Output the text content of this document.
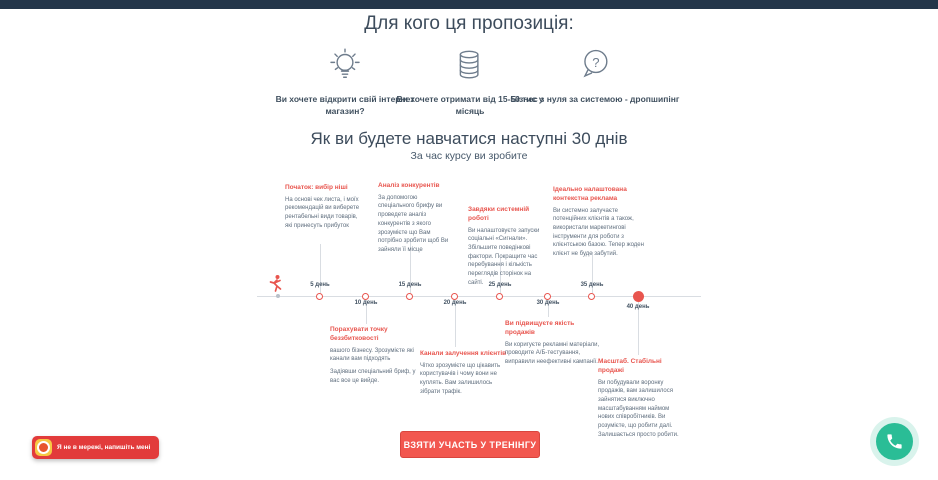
Для кого ця пропозиція:
Ви хочете відкрити свій інтернет магазин?
Ви хочете отримати від 15-50 тис у місяць
?
Бізнес з нуля за системою - дропшипінг
Як ви будете навчатися наступні 30 днів
За час курсу ви зробите
5 день
10 день
15 день
20 день
25 день
30 день
35 день
40 день
Початок: вибір ніші
На основі чек листа, і моїх рекомендацій ви виберете рентабельні види товарів, які принесуть прибуток
Аналіз конкурентів
За допомогою спеціального брифу ви проведете аналіз конкурентів з якого зрозумієте що Вам потрібно зробити щоб Ви зайняли її місце
Завдяки системній роботі
Ви налаштовуєте запуски соціальні «Сигнали». Збільшите поведінкові фактори. Покращите час перебування і кількість переглядів сторінок на сайті.
Ідеально налаштована контекстна реклама
Ви системно залучаєте потенційних клієнтів а також, використали маркетингові інструменти для роботи з клієнтською базою. Тепер жоден клієнт не буде забутий.
Порахувати точку беззбитковості
вашого бізнесу. Зрозумієте які канали вам підходять
Задіявши спеціальний бриф, у вас все це вийде.
Канали залучення клієнтів
Чітко зрозумієте що цікавить користувачів і чому вони не куплять. Вам залишилось зібрати трафік.
Ви підвищуєте якість продажів
Ви коригуєте рекламні матеріали, проводите А/Б-тестування, виправили неефективні кампанії. Масштаб. Стабільні продажі
Ви побудували воронку продажів, вам залишилося зайнятися виключно масштабуванням наймом нових співробітників. Ви розумієте, що робити далі. Залишається просто робити.
ВЗЯТИ УЧАСТЬ У ТРЕНІНГУ
Я не в мережі, напишіть мені
